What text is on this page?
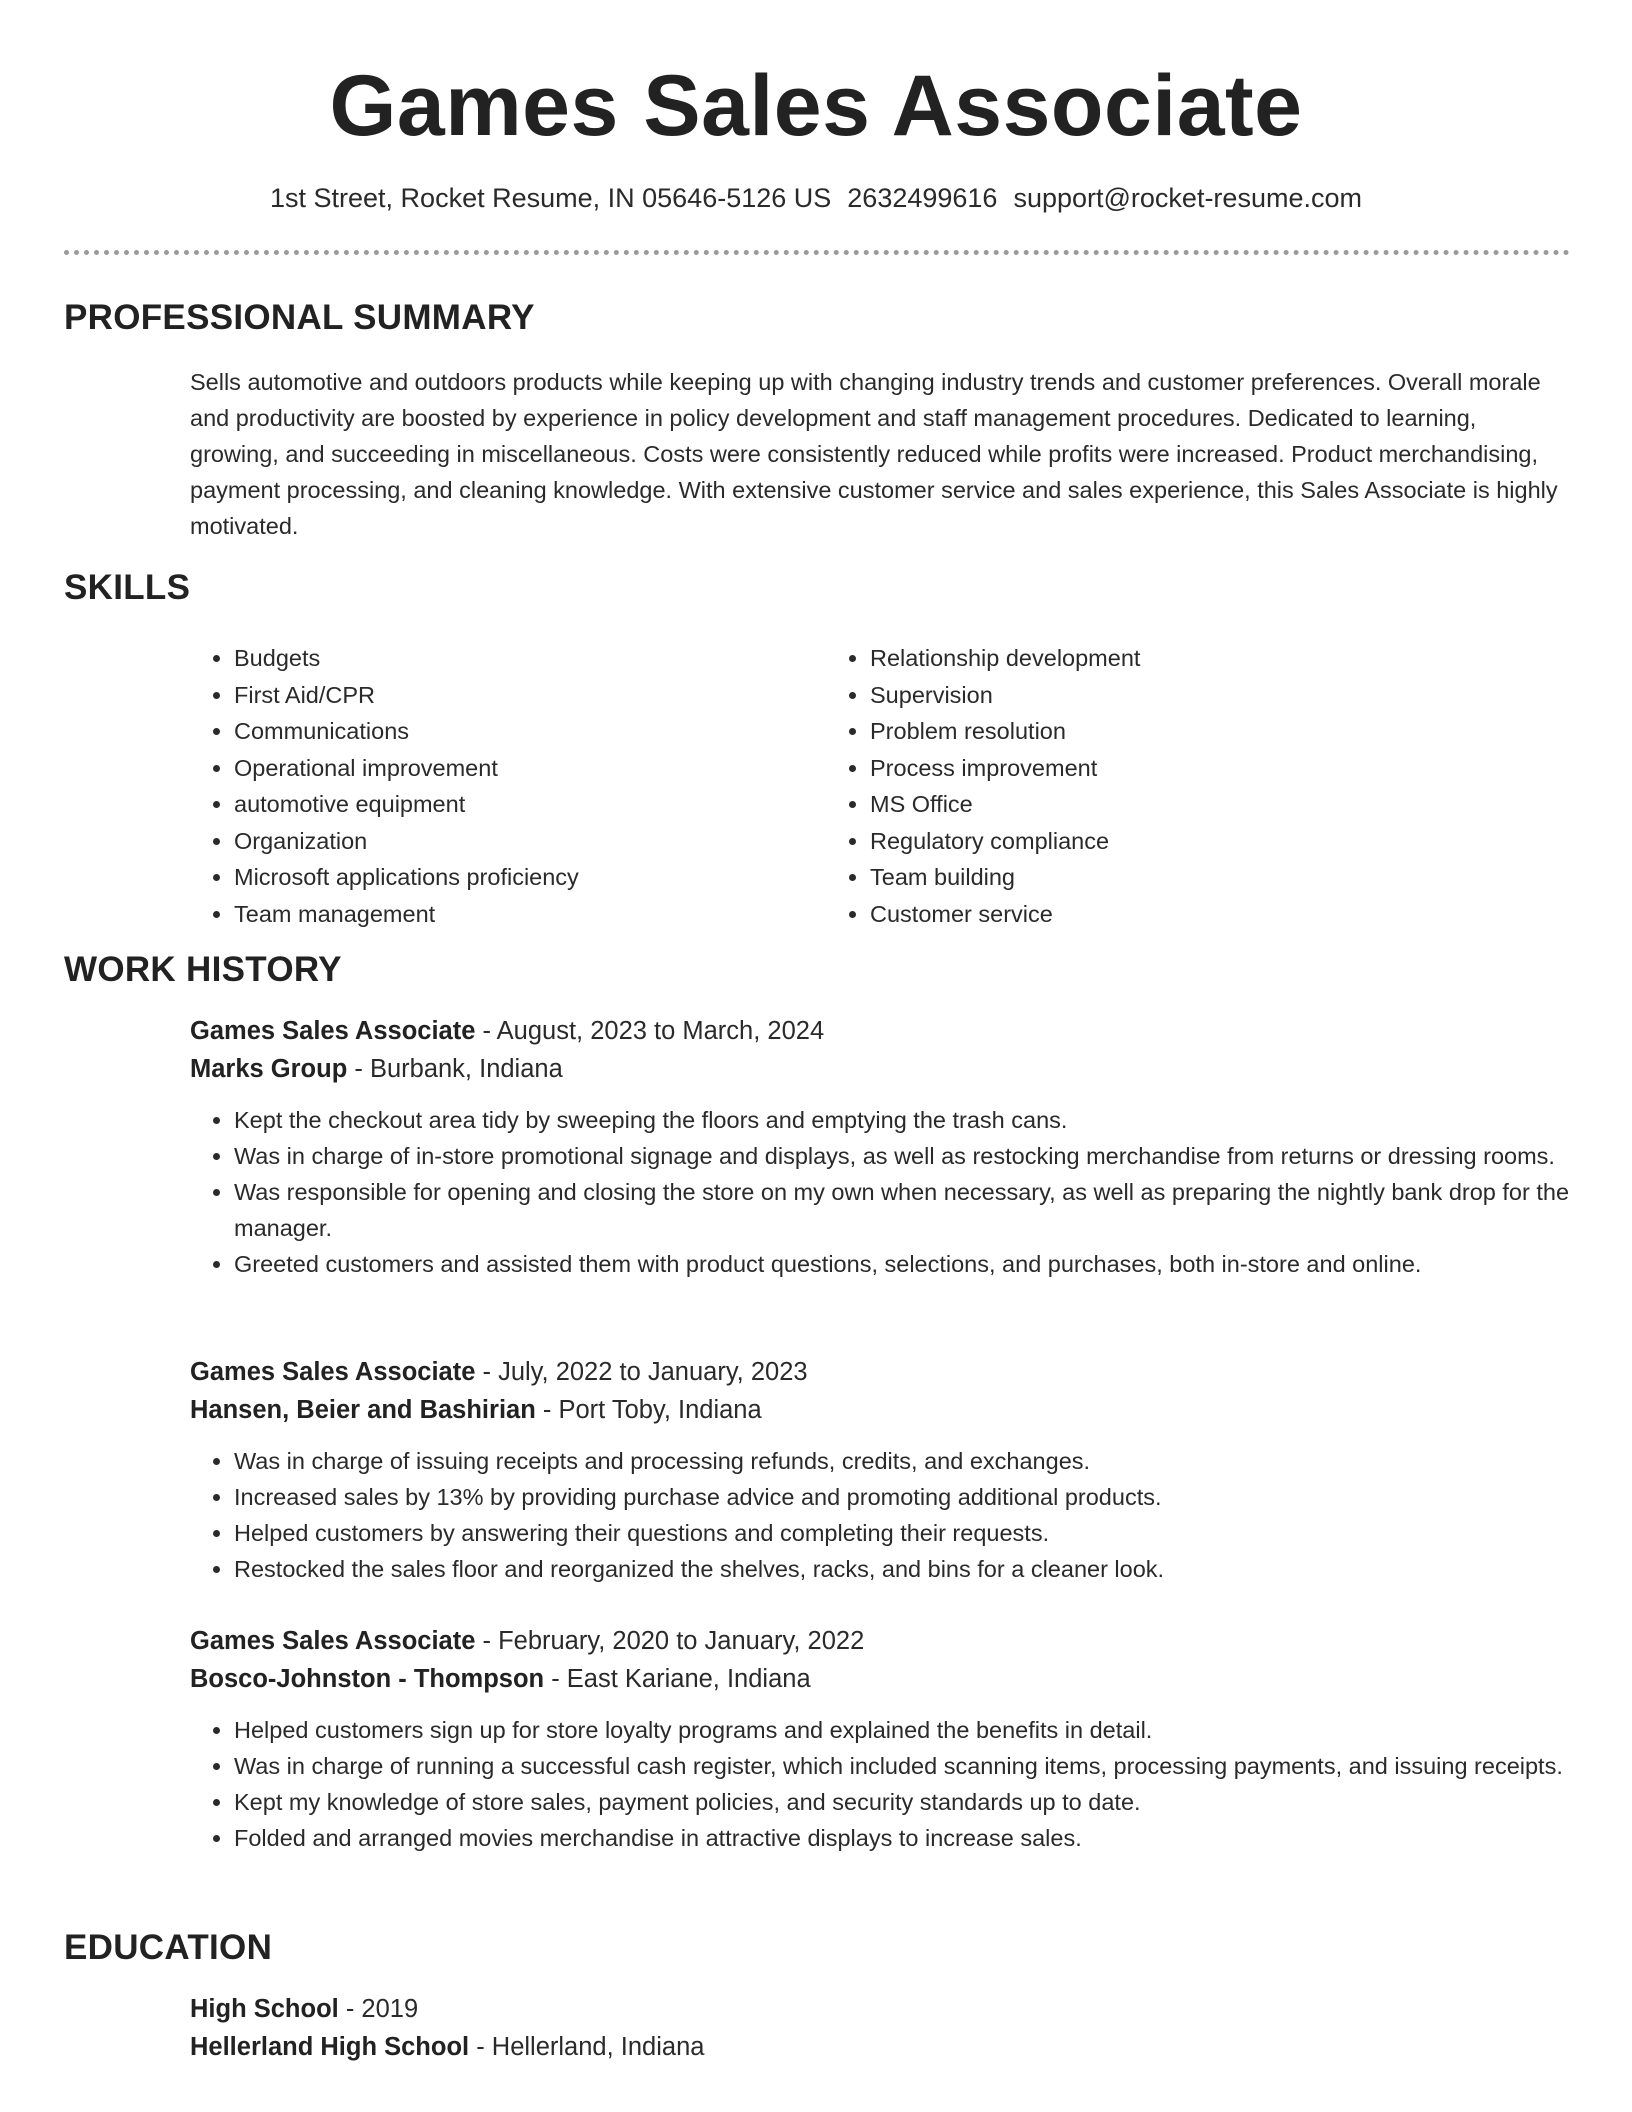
Games Sales Associate
1st Street, Rocket Resume, IN 05646-5126 US 2632499616 support@rocket-resume.com
PROFESSIONAL SUMMARY
Sells automotive and outdoors products while keeping up with changing industry trends and customer preferences. Overall morale and productivity are boosted by experience in policy development and staff management procedures. Dedicated to learning, growing, and succeeding in miscellaneous. Costs were consistently reduced while profits were increased. Product merchandising, payment processing, and cleaning knowledge. With extensive customer service and sales experience, this Sales Associate is highly motivated.
SKILLS
• Budgets
• First Aid/CPR
• Communications
• Operational improvement
• automotive equipment
• Organization
• Microsoft applications proficiency
• Team management
• Relationship development
• Supervision
• Problem resolution
• Process improvement
• MS Office
• Regulatory compliance
• Team building
• Customer service
WORK HISTORY
Games Sales Associate - August, 2023 to March, 2024
Marks Group - Burbank, Indiana
• Kept the checkout area tidy by sweeping the floors and emptying the trash cans.
• Was in charge of in-store promotional signage and displays, as well as restocking merchandise from returns or dressing rooms.
• Was responsible for opening and closing the store on my own when necessary, as well as preparing the nightly bank drop for the manager.
• Greeted customers and assisted them with product questions, selections, and purchases, both in-store and online.
Games Sales Associate - July, 2022 to January, 2023
Hansen, Beier and Bashirian - Port Toby, Indiana
• Was in charge of issuing receipts and processing refunds, credits, and exchanges.
• Increased sales by 13% by providing purchase advice and promoting additional products.
• Helped customers by answering their questions and completing their requests.
• Restocked the sales floor and reorganized the shelves, racks, and bins for a cleaner look.
Games Sales Associate - February, 2020 to January, 2022
Bosco-Johnston - Thompson - East Kariane, Indiana
• Helped customers sign up for store loyalty programs and explained the benefits in detail.
• Was in charge of running a successful cash register, which included scanning items, processing payments, and issuing receipts.
• Kept my knowledge of store sales, payment policies, and security standards up to date.
• Folded and arranged movies merchandise in attractive displays to increase sales.
EDUCATION
High School - 2019
Hellerland High School - Hellerland, Indiana
